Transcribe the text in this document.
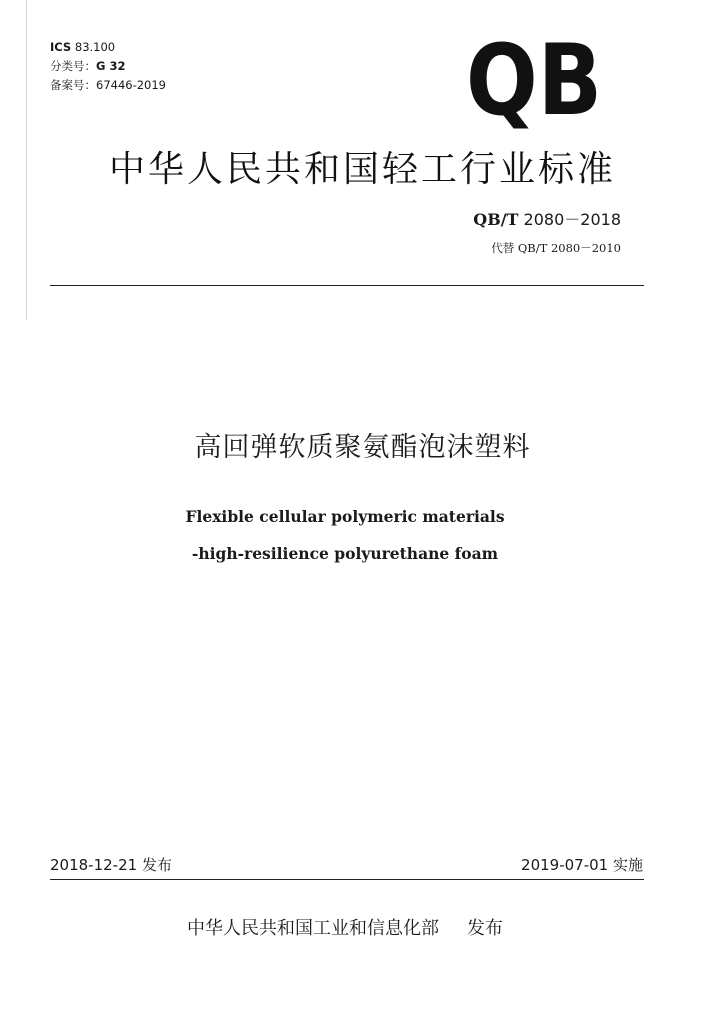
ICS 83.100
分类号：G 32
备案号：67446-2019	QB
中华人民共和国轻工行业标准
QB/T 2080－2018
代替 QB/T 2080－2010
高回弹软质聚氨酯泡沫塑料
Flexible cellular polymeric materials
-high-resilience polyurethane foam
2018-12-21 发布	2019-07-01 实施
中华人民共和国工业和信息化部 发布
